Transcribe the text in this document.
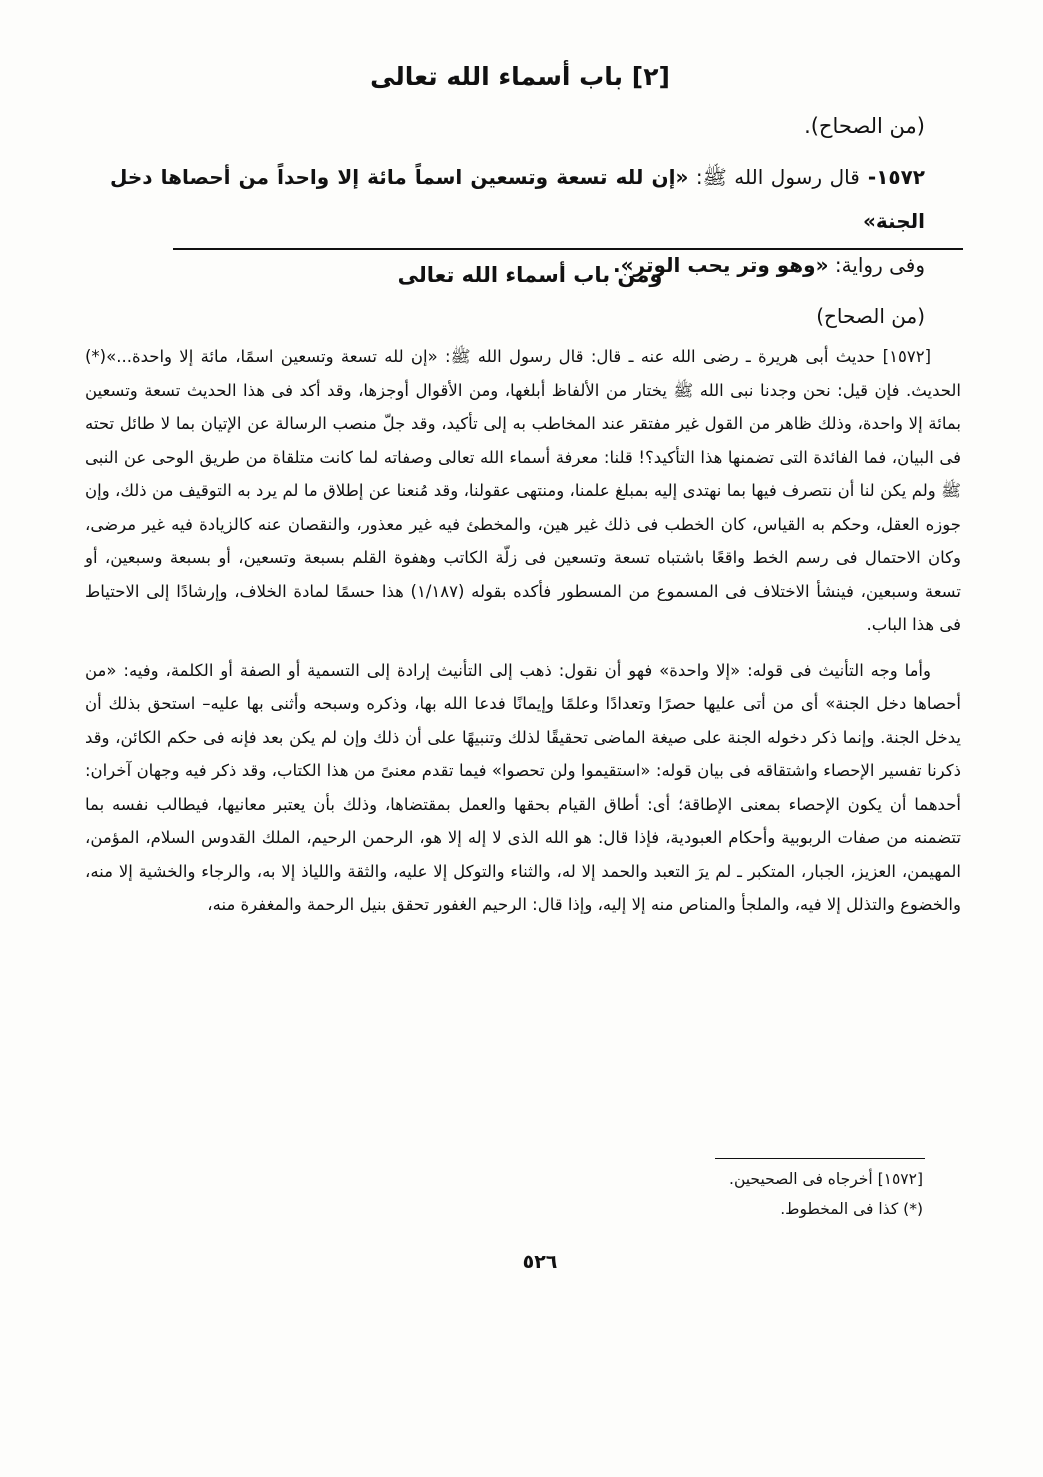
[٢] باب أسماء الله تعالى
(من الصحاح).
١٥٧٢- قال رسول الله ﷺ: «إن لله تسعة وتسعين اسماً مائة إلا واحداً من أحصاها دخل الجنة»
وفى رواية: «وهو وتر يحب الوتر».
ومن باب أسماء الله تعالى
(من الصحاح)

[١٥٧٢] حديث أبى هريرة ـ رضى الله عنه ـ قال: قال رسول الله ﷺ: «إن لله تسعة وتسعين اسمًا، مائة إلا واحدة...»(*) الحديث. فإن قيل: نحن وجدنا نبى الله ﷺ يختار من الألفاظ أبلغها، ومن الأقوال أوجزها، وقد أكد فى هذا الحديث تسعة وتسعين بمائة إلا واحدة، وذلك ظاهر من القول غير مفتقر عند المخاطب به إلى تأكيد، وقد جلّ منصب الرسالة عن الإتيان بما لا طائل تحته فى البيان، فما الفائدة التى تضمنها هذا التأكيد؟! قلنا: معرفة أسماء الله تعالى وصفاته لما كانت متلقاة من طريق الوحى عن النبى ﷺ ولم يكن لنا أن نتصرف فيها بما نهتدى إليه بمبلغ علمنا، ومنتهى عقولنا، وقد مُنعنا عن إطلاق ما لم يرد به التوقيف من ذلك، وإن جوزه العقل، وحكم به القياس، كان الخطب فى ذلك غير هين، والمخطئ فيه غير معذور، والنقصان عنه كالزيادة فيه غير مرضى، وكان الاحتمال فى رسم الخط واقعًا باشتباه تسعة وتسعين فى زلّة الكاتب وهفوة القلم بسبعة وتسعين، أو بسبعة وسبعين، أو تسعة وسبعين، فينشأ الاختلاف فى المسموع من المسطور فأكده بقوله (١/١٨٧) هذا حسمًا لمادة الخلاف، وإرشادًا إلى الاحتياط فى هذا الباب.

وأما وجه التأنيث فى قوله: «إلا واحدة» فهو أن نقول: ذهب إلى التأنيث إرادة إلى التسمية أو الصفة أو الكلمة، وفيه: «من أحصاها دخل الجنة» أى من أتى عليها حصرًا وتعدادًا وعلمًا وإيمانًا فدعا الله بها، وذكره وسبحه وأثنى بها عليه– استحق بذلك أن يدخل الجنة. وإنما ذكر دخوله الجنة على صيغة الماضى تحقيقًا لذلك وتنبيهًا على أن ذلك وإن لم يكن بعد فإنه فى حكم الكائن، وقد ذكرنا تفسير الإحصاء واشتقاقه فى بيان قوله: «استقيموا ولن تحصوا» فيما تقدم معنىً من هذا الكتاب، وقد ذكر فيه وجهان آخران: أحدهما أن يكون الإحصاء بمعنى الإطاقة؛ أى: أطاق القيام بحقها والعمل بمقتضاها، وذلك بأن يعتبر معانيها، فيطالب نفسه بما تتضمنه من صفات الربوبية وأحكام العبودية، فإذا قال: هو الله الذى لا إله إلا هو، الرحمن الرحيم، الملك القدوس السلام، المؤمن، المهيمن، العزيز، الجبار، المتكبر ـ لم يرَ التعبد والحمد إلا له، والثناء والتوكل إلا عليه، والثقة واللياذ إلا به، والرجاء والخشية إلا منه، والخضوع والتذلل إلا فيه، والملجأ والمناص منه إلا إليه، وإذا قال: الرحيم الغفور تحقق بنيل الرحمة والمغفرة منه،

[١٥٧٢] أخرجاه فى الصحيحين.
(*) كذا فى المخطوط.
٥٢٦
